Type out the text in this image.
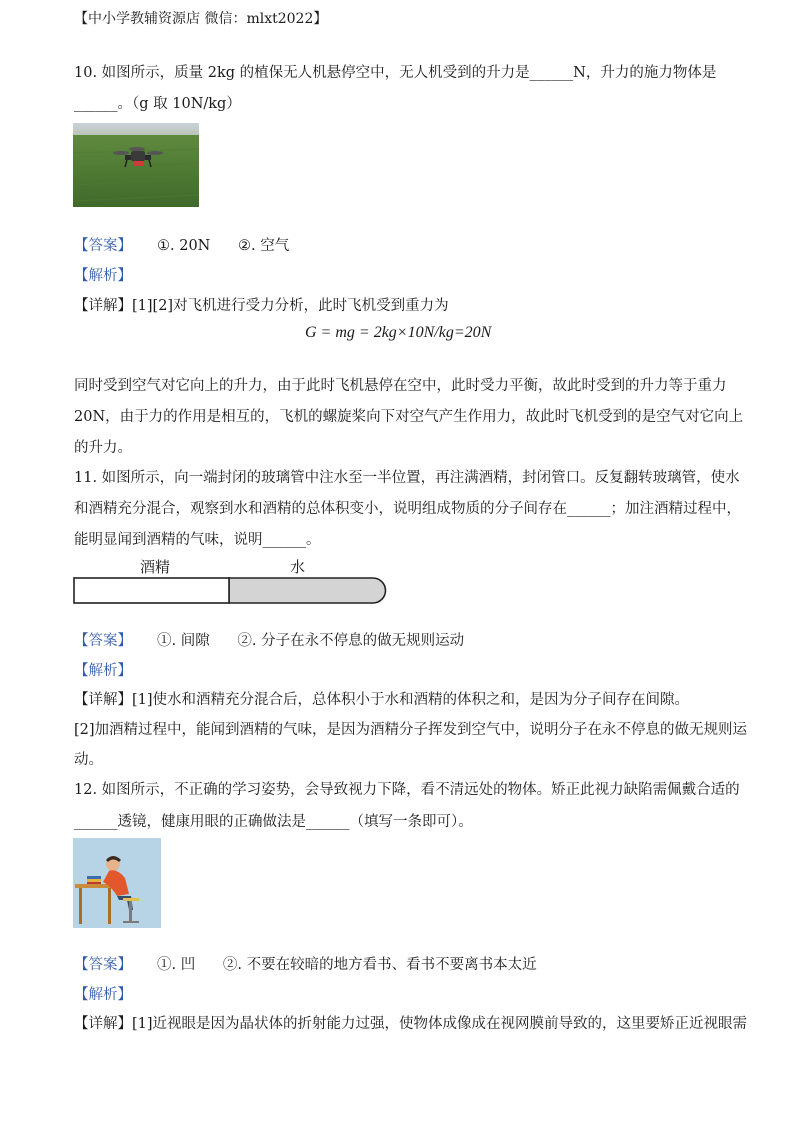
【中小学教辅资源店 微信：mlxt2022】
10. 如图所示，质量 2kg 的植保无人机悬停空中，无人机受到的升力是______N，升力的施力物体是
______。（g 取 10N/kg）
【答案】 ①. 20N      ②. 空气
【解析】
【详解】[1][2]对飞机进行受力分析，此时飞机受到重力为
G = mg = 2kg×10N/kg=20N
同时受到空气对它向上的升力，由于此时飞机悬停在空中，此时受力平衡，故此时受到的升力等于重力
20N，由于力的作用是相互的，飞机的螺旋桨向下对空气产生作用力，故此时飞机受到的是空气对它向上
的升力。
11. 如图所示，向一端封闭的玻璃管中注水至一半位置，再注满酒精，封闭管口。反复翻转玻璃管，使水
和酒精充分混合，观察到水和酒精的总体积变小，说明组成物质的分子间存在______；加注酒精过程中，
能明显闻到酒精的气味，说明______。
酒精	水
【答案】 ①. 间隙      ②. 分子在永不停息的做无规则运动
【解析】
【详解】[1]使水和酒精充分混合后，总体积小于水和酒精的体积之和，是因为分子间存在间隙。
[2]加酒精过程中，能闻到酒精的气味，是因为酒精分子挥发到空气中，说明分子在永不停息的做无规则运
动。
12. 如图所示，不正确的学习姿势，会导致视力下降，看不清远处的物体。矫正此视力缺陷需佩戴合适的
______透镜，健康用眼的正确做法是______（填写一条即可）。
【答案】 ①. 凹      ②. 不要在较暗的地方看书、看书不要离书本太近
【解析】
【详解】[1]近视眼是因为晶状体的折射能力过强，使物体成像成在视网膜前导致的，这里要矫正近视眼需
